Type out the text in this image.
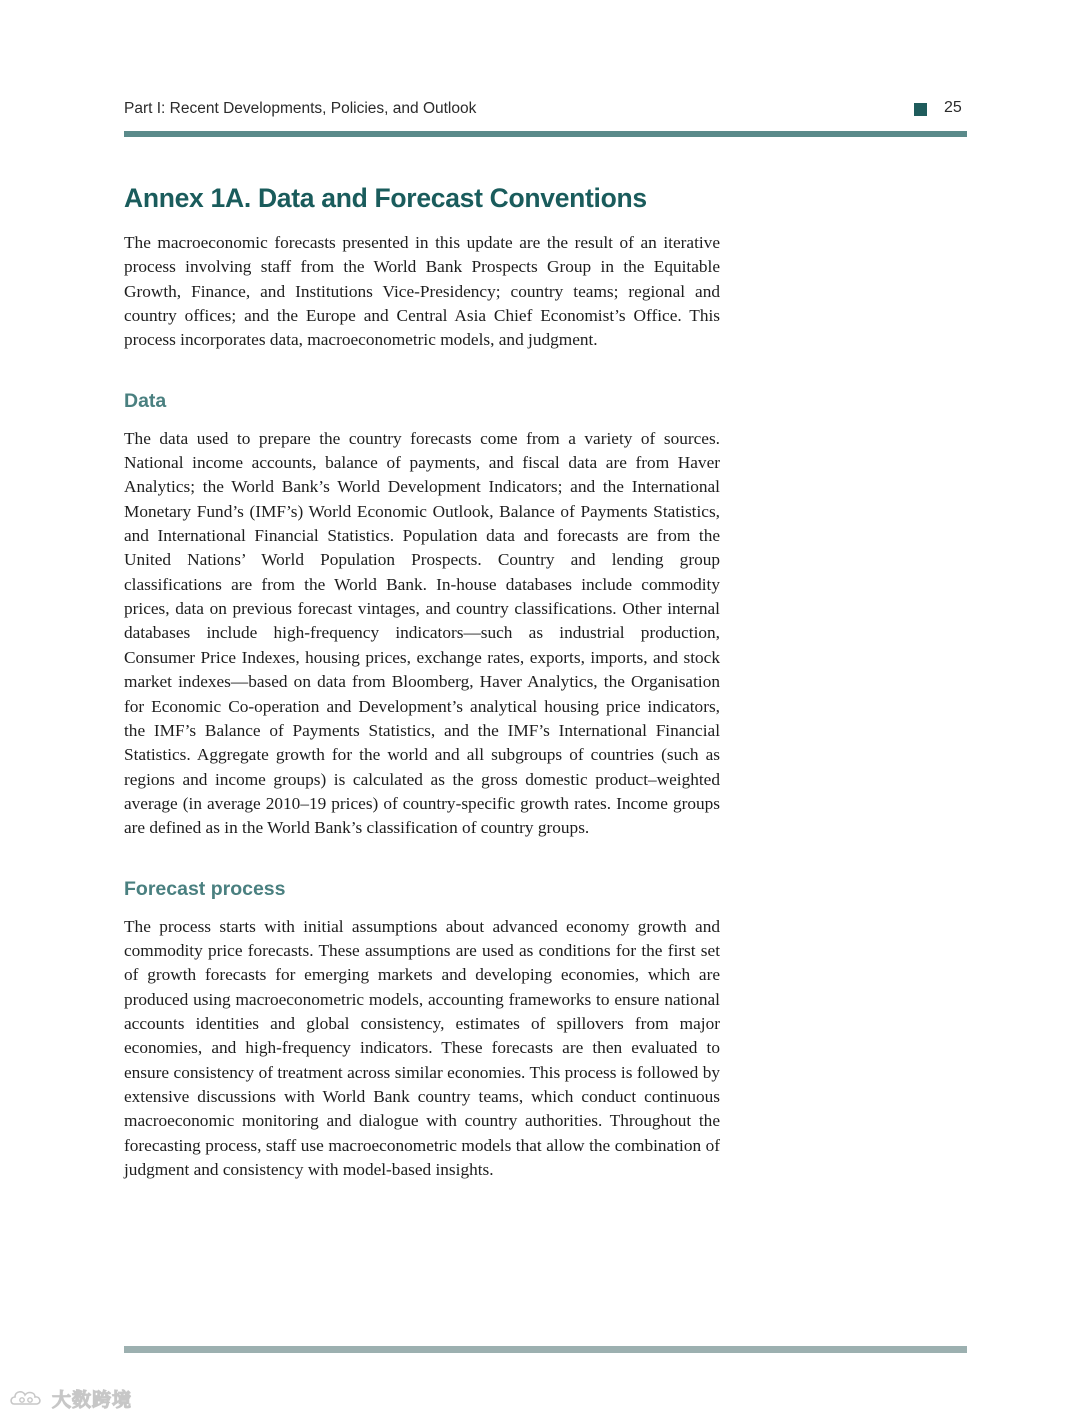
Part I: Recent Developments, Policies, and Outlook	25
Annex 1A. Data and Forecast Conventions

The macroeconomic forecasts presented in this update are the result of an iterative process involving staff from the World Bank Prospects Group in the Equitable Growth, Finance, and Institutions Vice-Presidency; country teams; regional and country offices; and the Europe and Central Asia Chief Economist’s Office. This process incorporates data, macroeconometric models, and judgment.

Data

The data used to prepare the country forecasts come from a variety of sources. National income accounts, balance of payments, and fiscal data are from Haver Analytics; the World Bank’s World Development Indicators; and the International Monetary Fund’s (IMF’s) World Economic Outlook, Balance of Payments Statistics, and International Financial Statistics. Population data and forecasts are from the United Nations’ World Population Prospects. Country and lending group classifications are from the World Bank. In-house databases include commodity prices, data on previous forecast vintages, and country classifications. Other internal databases include high-frequency indicators—such as industrial production, Consumer Price Indexes, housing prices, exchange rates, exports, imports, and stock market indexes—based on data from Bloomberg, Haver Analytics, the Organisation for Economic Co-operation and Development’s analytical housing price indicators, the IMF’s Balance of Payments Statistics, and the IMF’s International Financial Statistics. Aggregate growth for the world and all subgroups of countries (such as regions and income groups) is calculated as the gross domestic product–weighted average (in average 2010–19 prices) of country-specific growth rates. Income groups are defined as in the World Bank’s classification of country groups.

Forecast process

The process starts with initial assumptions about advanced economy growth and commodity price forecasts. These assumptions are used as conditions for the first set of growth forecasts for emerging markets and developing economies, which are produced using macroeconometric models, accounting frameworks to ensure national accounts identities and global consistency, estimates of spillovers from major economies, and high-frequency indicators. These forecasts are then evaluated to ensure consistency of treatment across similar economies. This process is followed by extensive discussions with World Bank country teams, which conduct continuous macroeconomic monitoring and dialogue with country authorities. Throughout the forecasting process, staff use macroeconometric models that allow the combination of judgment and consistency with model-based insights.

大数跨境
